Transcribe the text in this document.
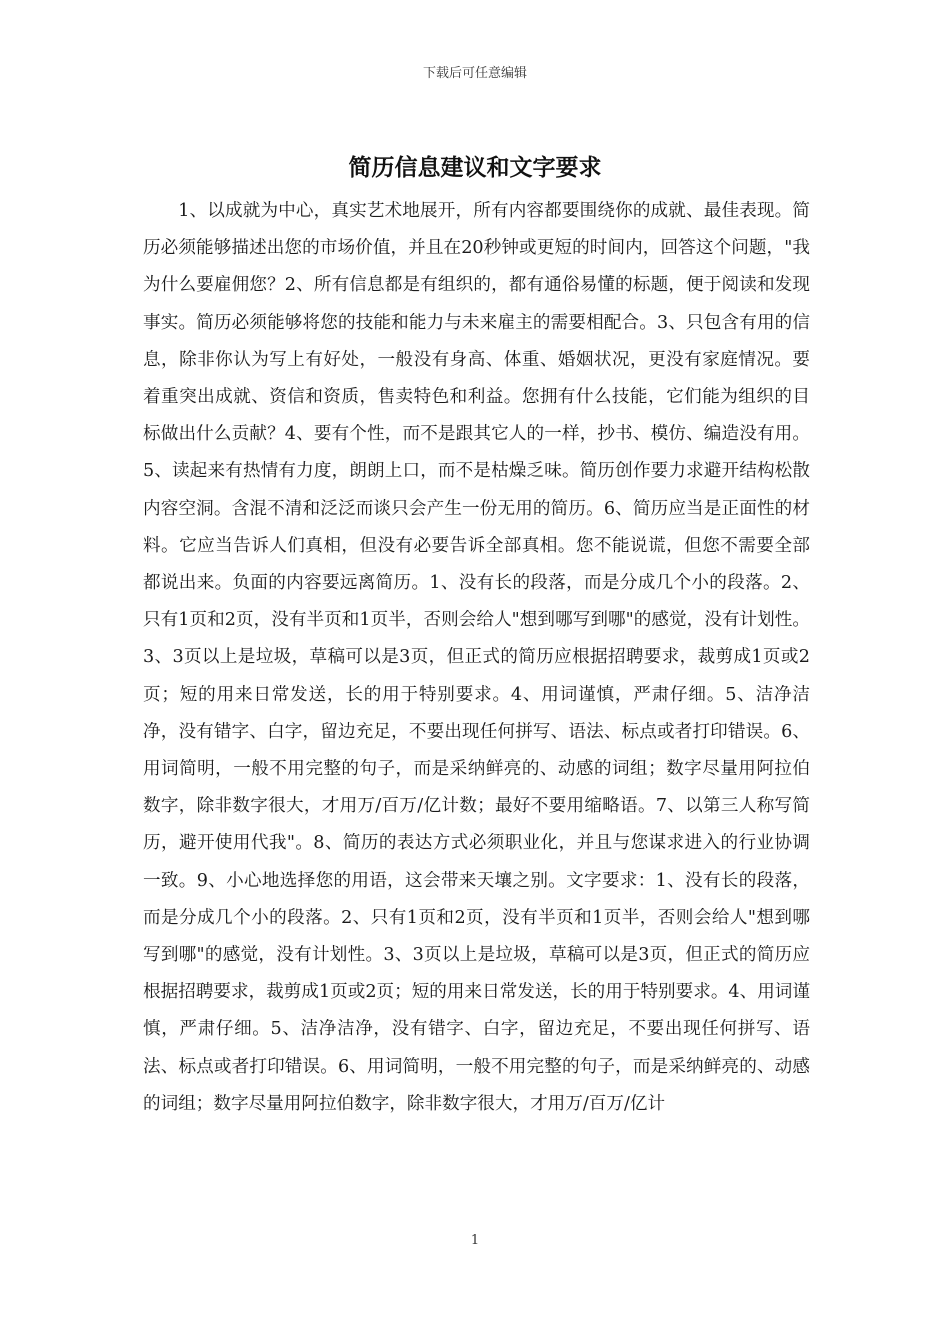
下载后可任意编辑
简历信息建议和文字要求

1、以成就为中心，真实艺术地展开，所有内容都要围绕你的成就、最佳表现。简历必须能够描述出您的市场价值，并且在20秒钟或更短的时间内，回答这个问题，"我为什么要雇佣您？2、所有信息都是有组织的，都有通俗易懂的标题，便于阅读和发现事实。简历必须能够将您的技能和能力与未来雇主的需要相配合。3、只包含有用的信息，除非你认为写上有好处，一般没有身高、体重、婚姻状况，更没有家庭情况。要着重突出成就、资信和资质，售卖特色和利益。您拥有什么技能，它们能为组织的目标做出什么贡献？4、要有个性，而不是跟其它人的一样，抄书、模仿、编造没有用。5、读起来有热情有力度，朗朗上口，而不是枯燥乏味。简历创作要力求避开结构松散内容空洞。含混不清和泛泛而谈只会产生一份无用的简历。6、简历应当是正面性的材料。它应当告诉人们真相，但没有必要告诉全部真相。您不能说谎，但您不需要全部都说出来。负面的内容要远离简历。1、没有长的段落，而是分成几个小的段落。2、只有1页和2页，没有半页和1页半，否则会给人"想到哪写到哪"的感觉，没有计划性。3、3页以上是垃圾，草稿可以是3页，但正式的简历应根据招聘要求，裁剪成1页或2页；短的用来日常发送，长的用于特别要求。4、用词谨慎，严肃仔细。5、洁净洁净，没有错字、白字，留边充足，不要出现任何拼写、语法、标点或者打印错误。6、用词简明，一般不用完整的句子，而是采纳鲜亮的、动感的词组；数字尽量用阿拉伯数字，除非数字很大，才用万/百万/亿计数；最好不要用缩略语。7、以第三人称写简历，避开使用代我"。8、简历的表达方式必须职业化，并且与您谋求进入的行业协调一致。9、小心地选择您的用语，这会带来天壤之别。文字要求：1、没有长的段落，而是分成几个小的段落。2、只有1页和2页，没有半页和1页半，否则会给人"想到哪写到哪"的感觉，没有计划性。3、3页以上是垃圾，草稿可以是3页，但正式的简历应根据招聘要求，裁剪成1页或2页；短的用来日常发送，长的用于特别要求。4、用词谨慎，严肃仔细。5、洁净洁净，没有错字、白字，留边充足，不要出现任何拼写、语法、标点或者打印错误。6、用词简明，一般不用完整的句子，而是采纳鲜亮的、动感的词组；数字尽量用阿拉伯数字，除非数字很大，才用万/百万/亿计

1
